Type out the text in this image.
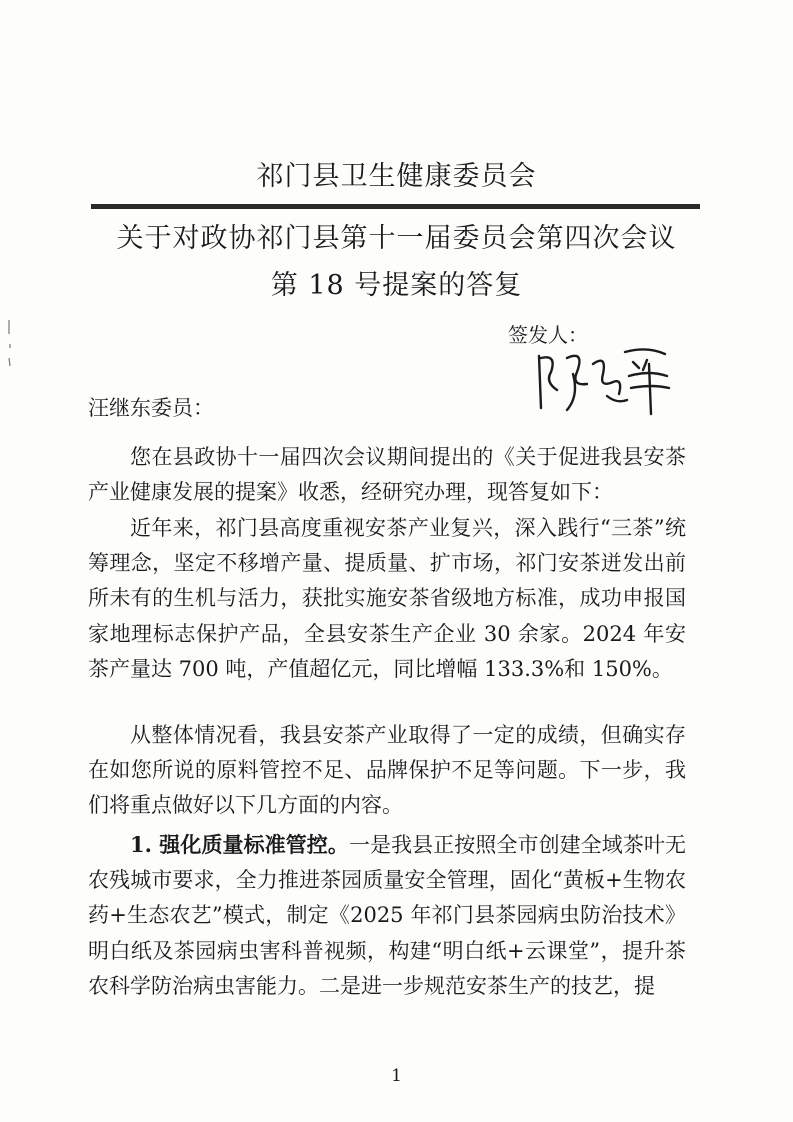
祁门县卫生健康委员会
关于对政协祁门县第十一届委员会第四次会议
第 18 号提案的答复
签发人：
汪继东委员：

您在县政协十一届四次会议期间提出的《关于促进我县安茶产业健康发展的提案》收悉，经研究办理，现答复如下：

近年来，祁门县高度重视安茶产业复兴，深入践行“三茶”统筹理念，坚定不移增产量、提质量、扩市场，祁门安茶迸发出前所未有的生机与活力，获批实施安茶省级地方标准，成功申报国家地理标志保护产品，全县安茶生产企业 30 余家。2024 年安茶产量达 700 吨，产值超亿元，同比增幅 133.3%和 150%。

从整体情况看，我县安茶产业取得了一定的成绩，但确实存在如您所说的原料管控不足、品牌保护不足等问题。下一步，我们将重点做好以下几方面的内容。

1. 强化质量标准管控。一是我县正按照全市创建全域茶叶无农残城市要求，全力推进茶园质量安全管理，固化“黄板+生物农药+生态农艺”模式，制定《2025 年祁门县茶园病虫防治技术》明白纸及茶园病虫害科普视频，构建“明白纸+云课堂”，提升茶农科学防治病虫害能力。二是进一步规范安茶生产的技艺，提

1
